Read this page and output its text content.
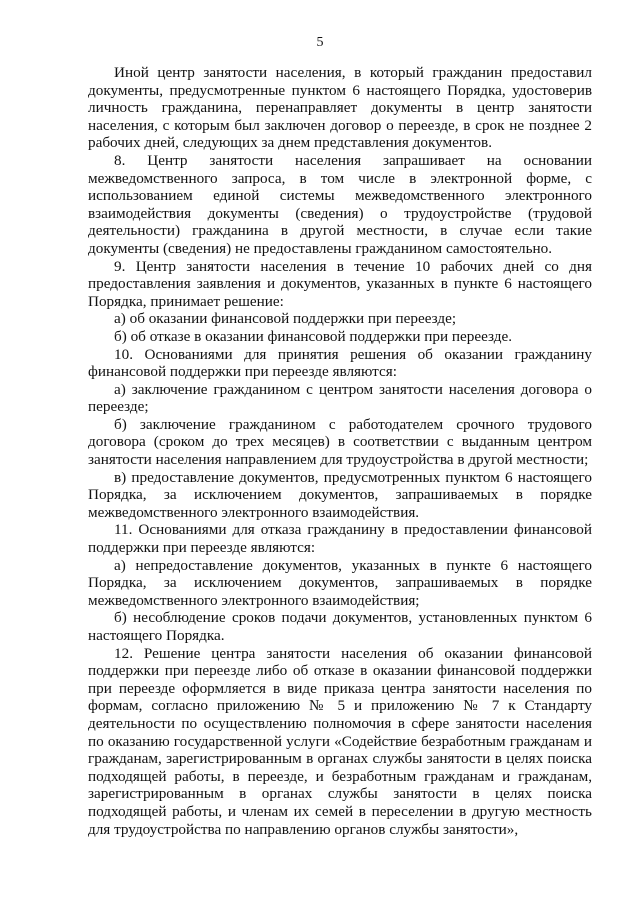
5

Иной центр занятости населения, в который гражданин предоставил документы, предусмотренные пунктом 6 настоящего Порядка, удостоверив личность гражданина, перенаправляет документы в центр занятости населения, с которым был заключен договор о переезде, в срок не позднее 2 рабочих дней, следующих за днем представления документов.

8. Центр занятости населения запрашивает на основании межведомственного запроса, в том числе в электронной форме, с использованием единой системы межведомственного электронного взаимодействия документы (сведения) о трудоустройстве (трудовой деятельности) гражданина в другой местности, в случае если такие документы (сведения) не предоставлены гражданином самостоятельно.

9. Центр занятости населения в течение 10 рабочих дней со дня предоставления заявления и документов, указанных в пункте 6 настоящего Порядка, принимает решение:

а) об оказании финансовой поддержки при переезде;

б) об отказе в оказании финансовой поддержки при переезде.

10. Основаниями для принятия решения об оказании гражданину финансовой поддержки при переезде являются:

а) заключение гражданином с центром занятости населения договора о переезде;

б) заключение гражданином с работодателем срочного трудового договора (сроком до трех месяцев) в соответствии с выданным центром занятости населения направлением для трудоустройства в другой местности;

в) предоставление документов, предусмотренных пунктом 6 настоящего Порядка, за исключением документов, запрашиваемых в порядке межведомственного электронного взаимодействия.

11. Основаниями для отказа гражданину в предоставлении финансовой поддержки при переезде являются:

а) непредоставление документов, указанных в пункте 6 настоящего Порядка, за исключением документов, запрашиваемых в порядке межведомственного электронного взаимодействия;

б) несоблюдение сроков подачи документов, установленных пунктом 6 настоящего Порядка.

12. Решение центра занятости населения об оказании финансовой поддержки при переезде либо об отказе в оказании финансовой поддержки при переезде оформляется в виде приказа центра занятости населения по формам, согласно приложению № 5 и приложению № 7 к Стандарту деятельности по осуществлению полномочия в сфере занятости населения по оказанию государственной услуги «Содействие безработным гражданам и гражданам, зарегистрированным в органах службы занятости в целях поиска подходящей работы, в переезде, и безработным гражданам и гражданам, зарегистрированным в органах службы занятости в целях поиска подходящей работы, и членам их семей в переселении в другую местность для трудоустройства по направлению органов службы занятости»,
